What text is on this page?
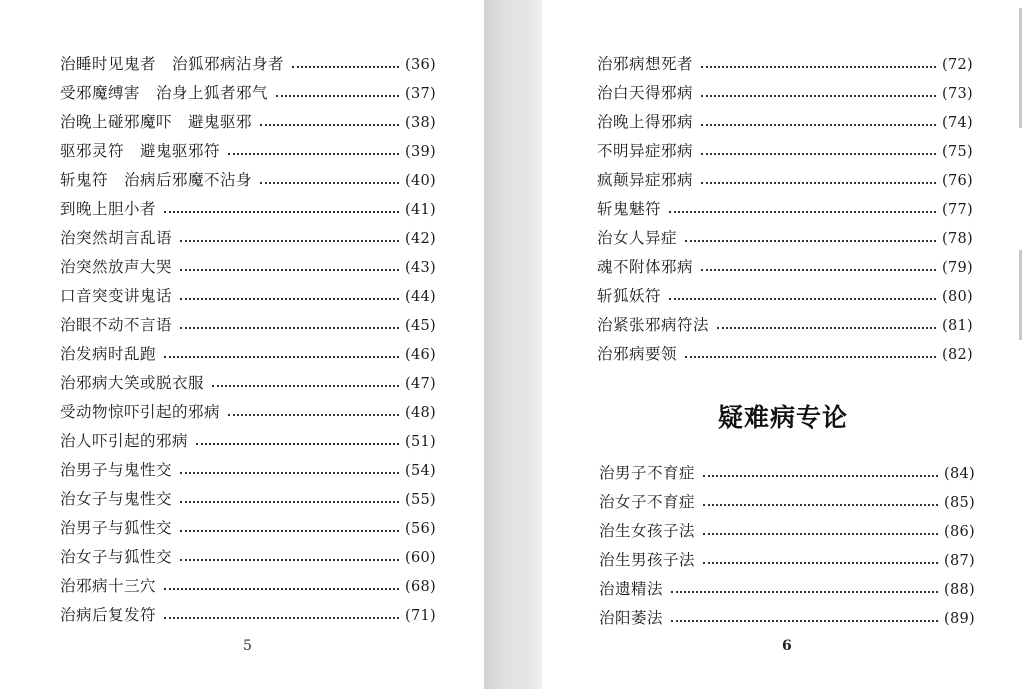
治睡时见鬼者　治狐邪病沾身者	(36)
受邪魔缚害　治身上狐者邪气	(37)
治晚上碰邪魔吓　避鬼驱邪	(38)
驱邪灵符　避鬼驱邪符	(39)
斩鬼符　治病后邪魔不沾身	(40)
到晚上胆小者	(41)
治突然胡言乱语	(42)
治突然放声大哭	(43)
口音突变讲鬼话	(44)
治眼不动不言语	(45)
治发病时乱跑	(46)
治邪病大笑或脱衣服	(47)
受动物惊吓引起的邪病	(48)
治人吓引起的邪病	(51)
治男子与鬼性交	(54)
治女子与鬼性交	(55)
治男子与狐性交	(56)
治女子与狐性交	(60)
治邪病十三穴	(68)
治病后复发符	(71)
5
治邪病想死者	(72)
治白天得邪病	(73)
治晚上得邪病	(74)
不明异症邪病	(75)
疯颠异症邪病	(76)
斩鬼魅符	(77)
治女人异症	(78)
魂不附体邪病	(79)
斩狐妖符	(80)
治紧张邪病符法	(81)
治邪病要领	(82)
疑难病专论
治男子不育症	(84)
治女子不育症	(85)
治生女孩子法	(86)
治生男孩子法	(87)
治遗精法	(88)
治阳萎法	(89)
6
